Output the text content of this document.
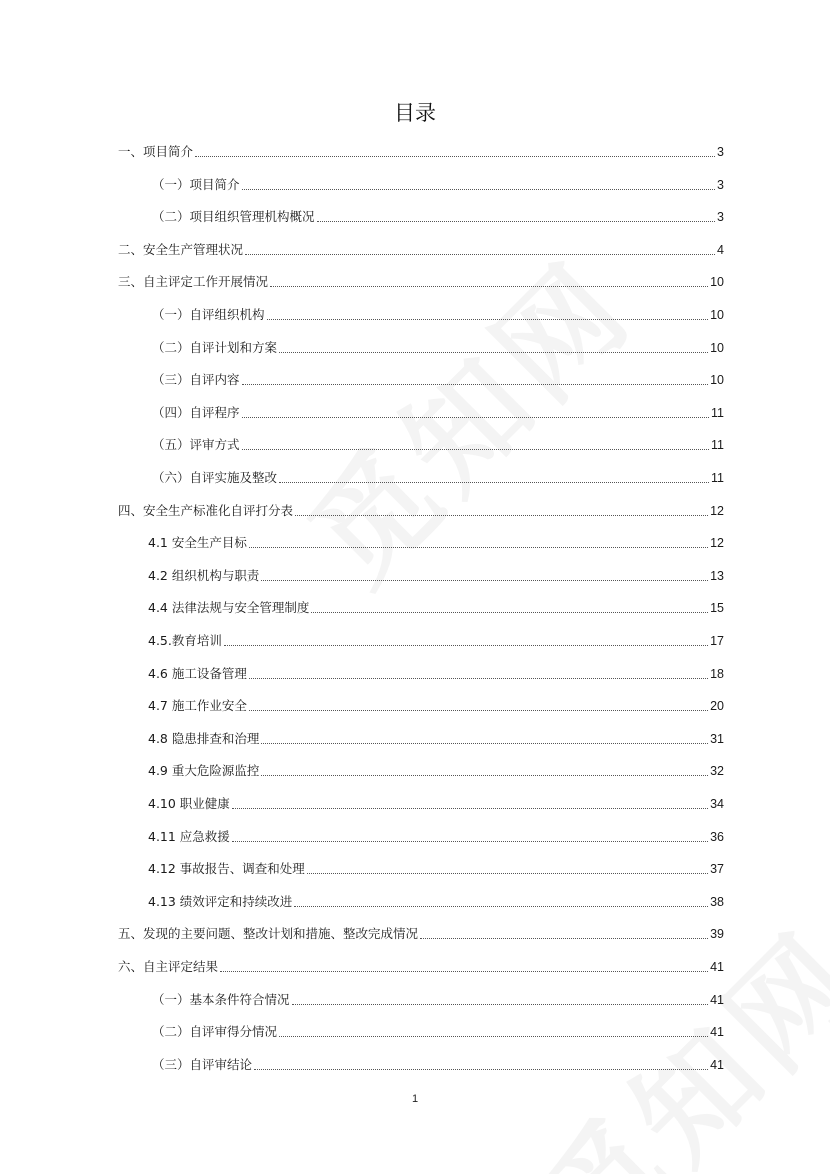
目录
一、项目简介	3
（一）项目简介	3
（二）项目组织管理机构概况	3
二、安全生产管理状况	4
三、自主评定工作开展情况	10
（一）自评组织机构	10
（二）自评计划和方案	10
（三）自评内容	10
（四）自评程序	11
（五）评审方式	11
（六）自评实施及整改	11
四、安全生产标准化自评打分表	12
4.1 安全生产目标	12
4.2 组织机构与职责	13
4.4 法律法规与安全管理制度	15
4.5.教育培训	17
4.6 施工设备管理	18
4.7 施工作业安全	20
4.8 隐患排查和治理	31
4.9 重大危险源监控	32
4.10 职业健康	34
4.11 应急救援	36
4.12 事故报告、调查和处理	37
4.13 绩效评定和持续改进	38
五、发现的主要问题、整改计划和措施、整改完成情况	39
六、自主评定结果	41
（一）基本条件符合情况	41
（二）自评审得分情况	41
（三）自评审结论	41
1
